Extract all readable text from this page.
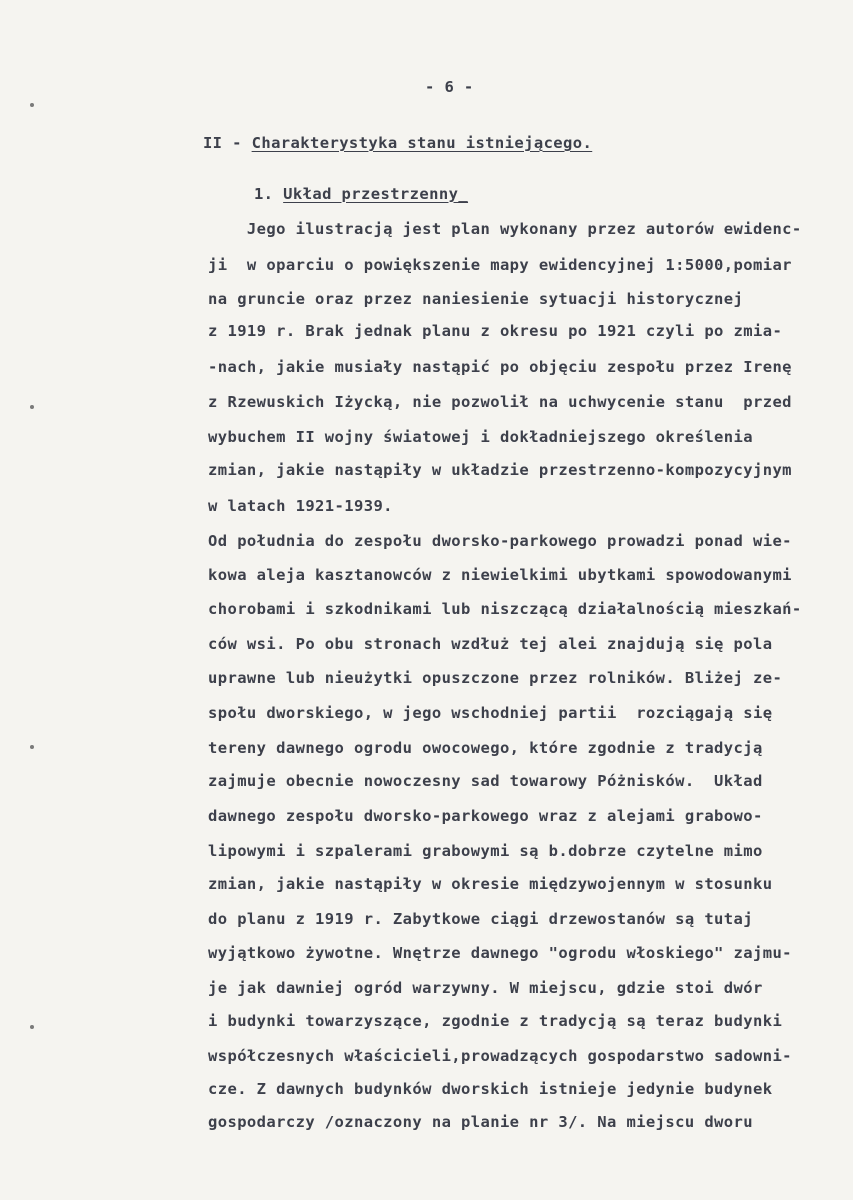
- 6 -

II - Charakterystyka stanu istniejącego.

1. Układ przestrzenny_

Jego ilustracją jest plan wykonany przez autorów ewidenc-
ji  w oparciu o powiększenie mapy ewidencyjnej 1:5000,pomiar
na gruncie oraz przez naniesienie sytuacji historycznej
z 1919 r. Brak jednak planu z okresu po 1921 czyli po zmia-
-nach, jakie musiały nastąpić po objęciu zespołu przez Irenę
z Rzewuskich Iżycką, nie pozwolił na uchwycenie stanu  przed
wybuchem II wojny światowej i dokładniejszego określenia
zmian, jakie nastąpiły w układzie przestrzenno-kompozycyjnym
w latach 1921-1939.
Od południa do zespołu dworsko-parkowego prowadzi ponad wie-
kowa aleja kasztanowców z niewielkimi ubytkami spowodowanymi
chorobami i szkodnikami lub niszczącą działalnością mieszkań-
ców wsi. Po obu stronach wzdłuż tej alei znajdują się pola
uprawne lub nieużytki opuszczone przez rolników. Bliżej ze-
społu dworskiego, w jego wschodniej partii  rozciągają się
tereny dawnego ogrodu owocowego, które zgodnie z tradycją
zajmuje obecnie nowoczesny sad towarowy Póżnisków.  Układ
dawnego zespołu dworsko-parkowego wraz z alejami grabowo-
lipowymi i szpalerami grabowymi są b.dobrze czytelne mimo
zmian, jakie nastąpiły w okresie międzywojennym w stosunku
do planu z 1919 r. Zabytkowe ciągi drzewostanów są tutaj
wyjątkowo żywotne. Wnętrze dawnego "ogrodu włoskiego" zajmu-
je jak dawniej ogród warzywny. W miejscu, gdzie stoi dwór
i budynki towarzyszące, zgodnie z tradycją są teraz budynki
współczesnych właścicieli,prowadzących gospodarstwo sadowni-
cze. Z dawnych budynków dworskich istnieje jedynie budynek
gospodarczy /oznaczony na planie nr 3/. Na miejscu dworu
